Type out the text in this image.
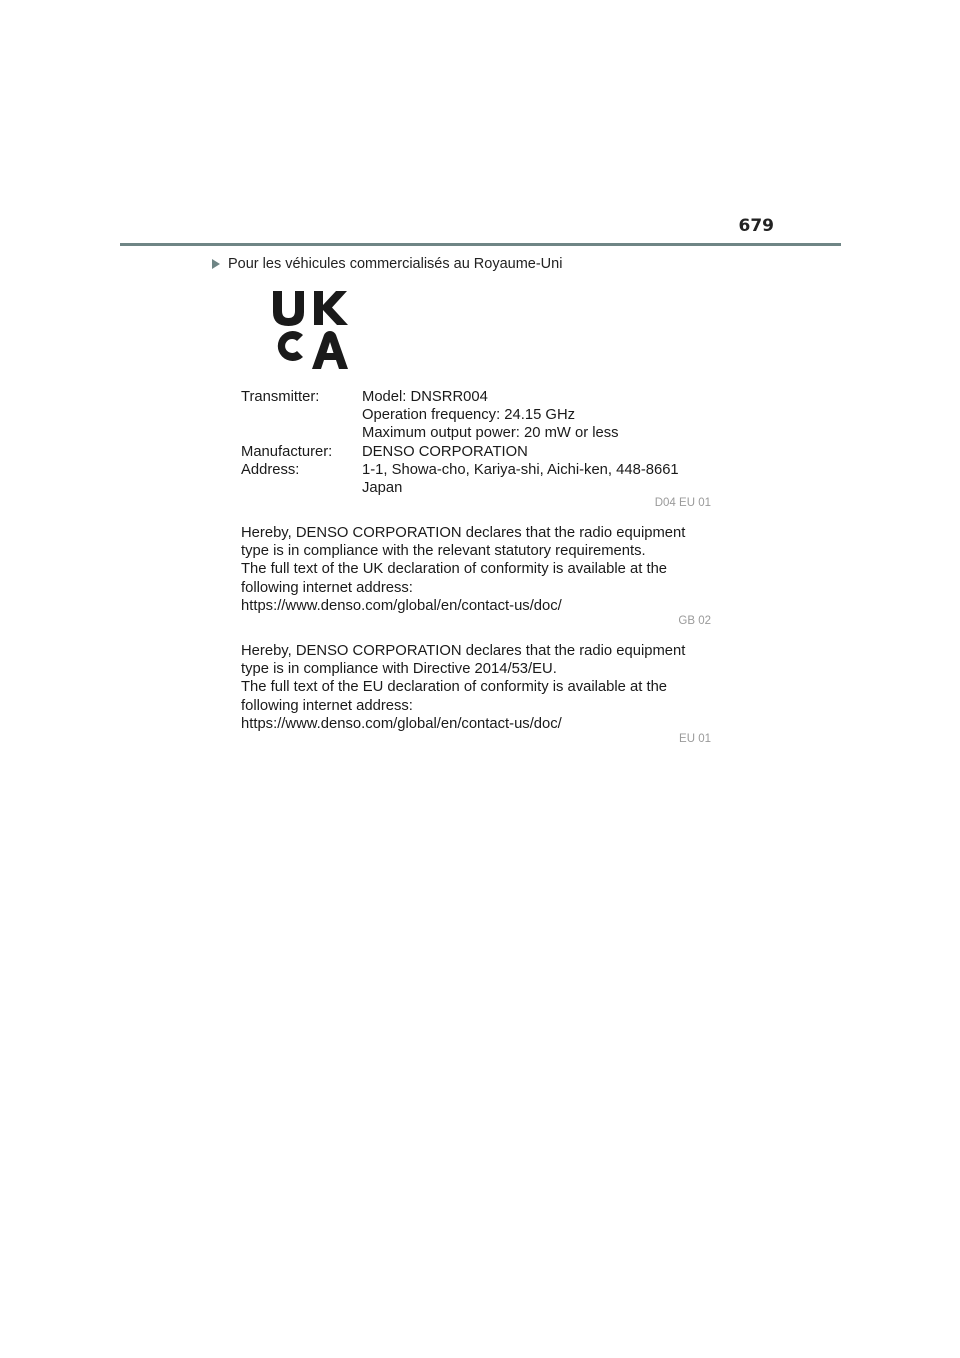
679
Pour les véhicules commercialisés au Royaume-Uni
Transmitter:	Model: DNSRR004
Operation frequency: 24.15 GHz
Maximum output power: 20 mW or less
Manufacturer:	DENSO CORPORATION
Address:	1-1, Showa-cho, Kariya-shi, Aichi-ken, 448-8661
Japan
D04 EU 01
Hereby, DENSO CORPORATION declares that the radio equipment
type is in compliance with the relevant statutory requirements.
The full text of the UK declaration of conformity is available at the
following internet address:
https://www.denso.com/global/en/contact-us/doc/
GB 02
Hereby, DENSO CORPORATION declares that the radio equipment
type is in compliance with Directive 2014/53/EU.
The full text of the EU declaration of conformity is available at the
following internet address:
https://www.denso.com/global/en/contact-us/doc/
EU 01
